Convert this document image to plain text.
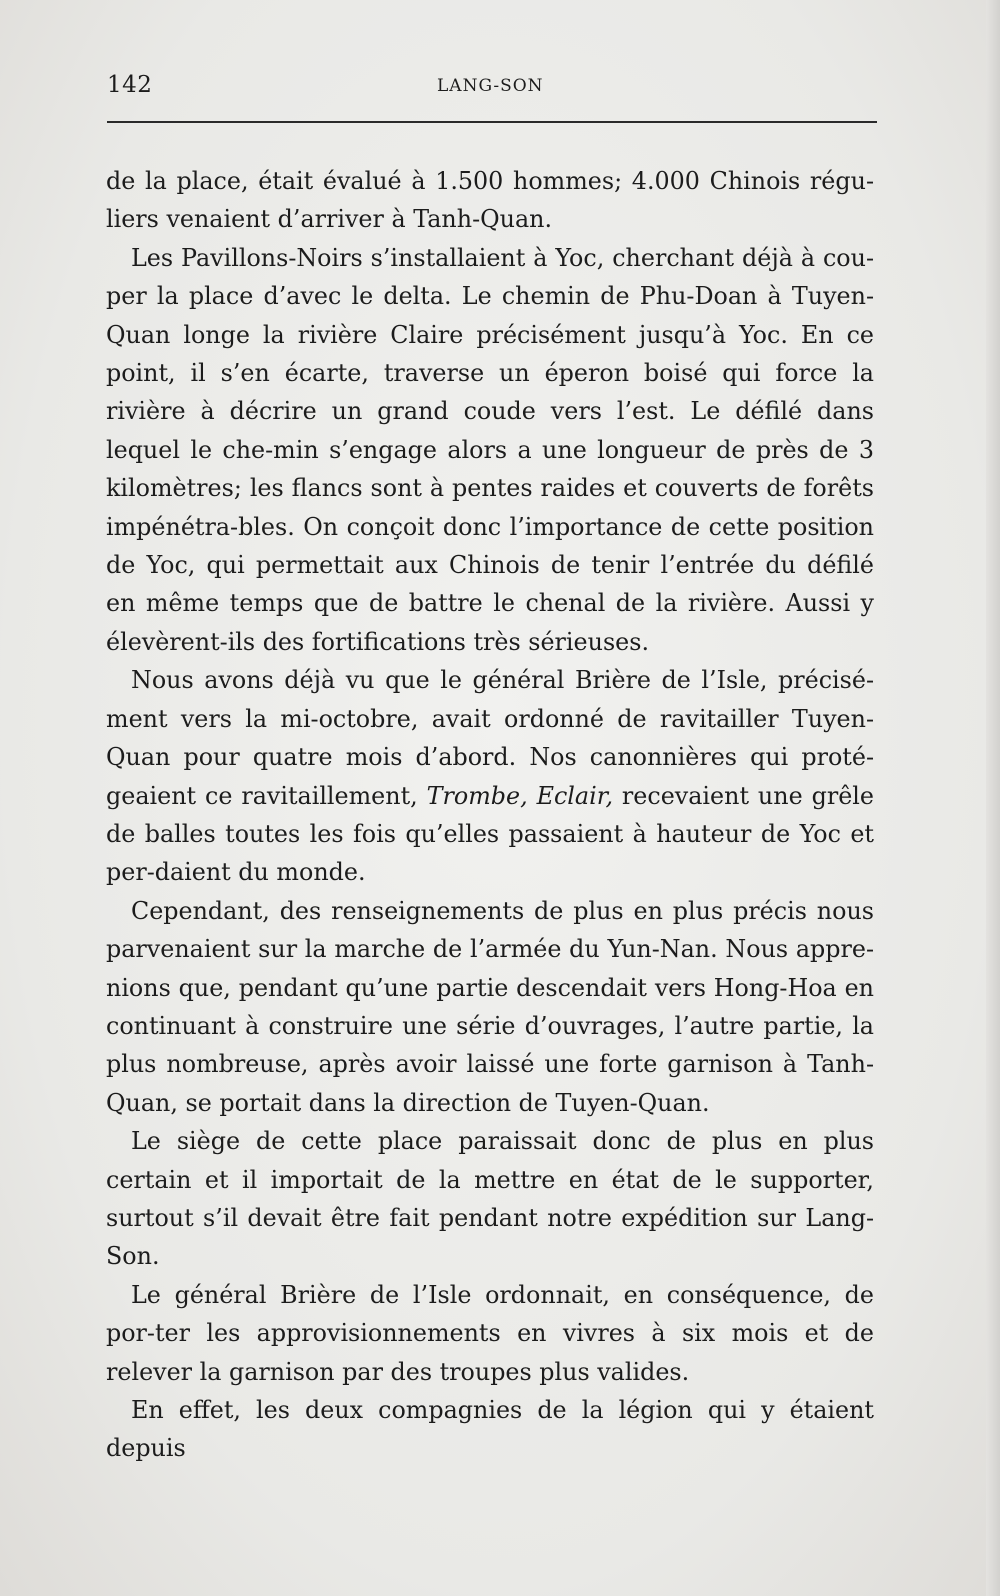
142	LANG-SON

de la place, était évalué à 1.500 hommes; 4.000 Chinois régu-liers venaient d’arriver à Tanh-Quan.

Les Pavillons-Noirs s’installaient à Yoc, cherchant déjà à cou-per la place d’avec le delta. Le chemin de Phu-Doan à Tuyen-Quan longe la rivière Claire précisément jusqu’à Yoc. En ce point, il s’en écarte, traverse un éperon boisé qui force la rivière à décrire un grand coude vers l’est. Le défilé dans lequel le che-min s’engage alors a une longueur de près de 3 kilomètres; les flancs sont à pentes raides et couverts de forêts impénétra-bles. On conçoit donc l’importance de cette position de Yoc, qui permettait aux Chinois de tenir l’entrée du défilé en même temps que de battre le chenal de la rivière. Aussi y élevèrent-ils des fortifications très sérieuses.

Nous avons déjà vu que le général Brière de l’Isle, précisé-ment vers la mi-octobre, avait ordonné de ravitailler Tuyen-Quan pour quatre mois d’abord. Nos canonnières qui proté-geaient ce ravitaillement, Trombe, Eclair, recevaient une grêle de balles toutes les fois qu’elles passaient à hauteur de Yoc et per-daient du monde.

Cependant, des renseignements de plus en plus précis nous parvenaient sur la marche de l’armée du Yun-Nan. Nous appre-nions que, pendant qu’une partie descendait vers Hong-Hoa en continuant à construire une série d’ouvrages, l’autre partie, la plus nombreuse, après avoir laissé une forte garnison à Tanh-Quan, se portait dans la direction de Tuyen-Quan.

Le siège de cette place paraissait donc de plus en plus certain et il importait de la mettre en état de le supporter, surtout s’il devait être fait pendant notre expédition sur Lang-Son.

Le général Brière de l’Isle ordonnait, en conséquence, de por-ter les approvisionnements en vivres à six mois et de relever la garnison par des troupes plus valides.

En effet, les deux compagnies de la légion qui y étaient depuis
